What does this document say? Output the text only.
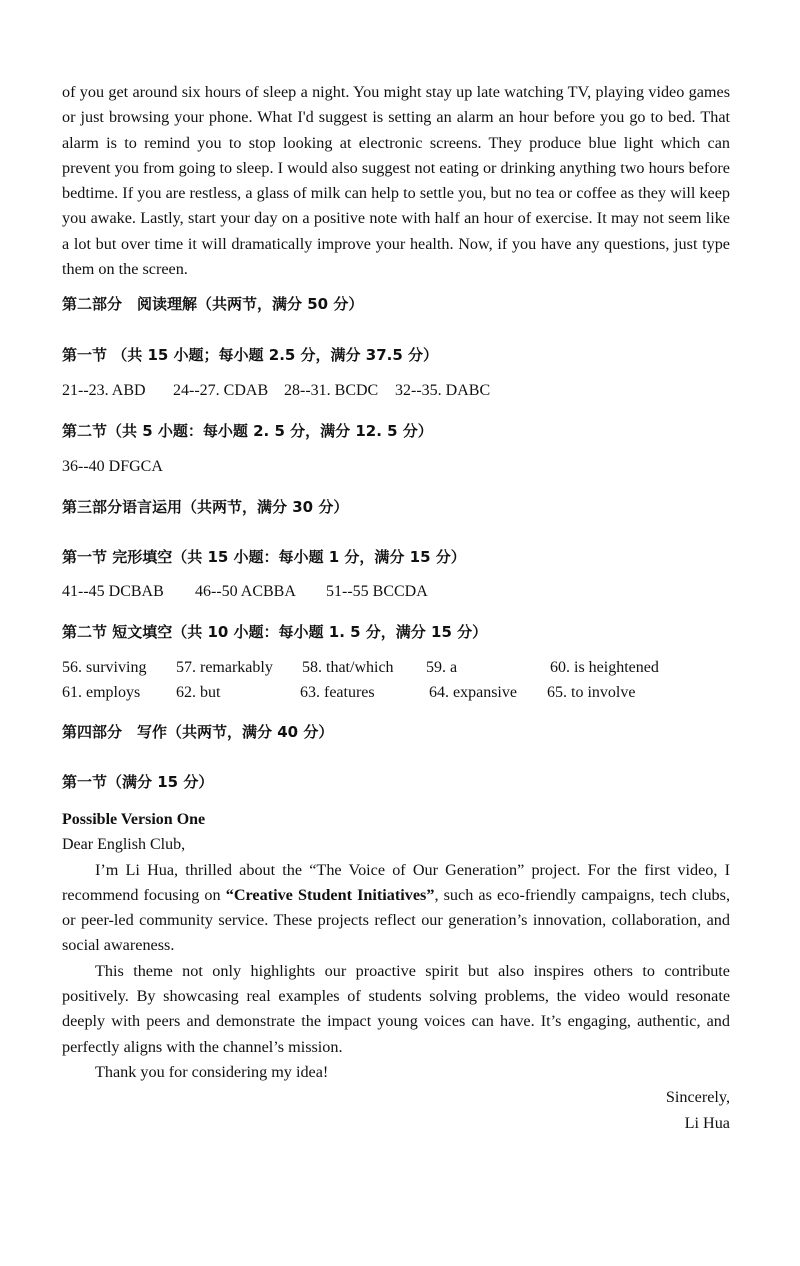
of you get around six hours of sleep a night. You might stay up late watching TV, playing video games or just browsing your phone. What I'd suggest is setting an alarm an hour before you go to bed. That alarm is to remind you to stop looking at electronic screens. They produce blue light which can prevent you from going to sleep. I would also suggest not eating or drinking anything two hours before bedtime. If you are restless, a glass of milk can help to settle you, but no tea or coffee as they will keep you awake. Lastly, start your day on a positive note with half an hour of exercise. It may not seem like a lot but over time it will dramatically improve your health. Now, if you have any questions, just type them on the screen.

第二部分　阅读理解（共两节，满分 50 分）

第一节 （共 15 小题；每小题 2.5 分，满分 37.5 分）

21--23. ABD 24--27. CDAB 28--31. BCDC 32--35. DABC

第二节（共 5 小题：每小题 2. 5 分，满分 12. 5 分）

36--40 DFGCA

第三部分语言运用（共两节，满分 30 分）

第一节 完形填空（共 15 小题：每小题 1 分，满分 15 分）

41--45 DCBAB 46--50 ACBBA 51--55 BCCDA

第二节 短文填空（共 10 小题：每小题 1. 5 分，满分 15 分）

56. surviving 57. remarkably 58. that/which 59. a	60. is heightened
61. employs 62. but	63. features	64. expansive 65. to involve

第四部分　写作（共两节，满分 40 分）

第一节（满分 15 分）

Possible Version One

Dear English Club,

I’m Li Hua, thrilled about the “The Voice of Our Generation” project. For the first video, I recommend focusing on “Creative Student Initiatives”, such as eco-friendly campaigns, tech clubs, or peer-led community service. These projects reflect our generation’s innovation, collaboration, and social awareness.

This theme not only highlights our proactive spirit but also inspires others to contribute positively. By showcasing real examples of students solving problems, the video would resonate deeply with peers and demonstrate the impact young voices can have. It’s engaging, authentic, and perfectly aligns with the channel’s mission.

Thank you for considering my idea!

Sincerely,

Li Hua
